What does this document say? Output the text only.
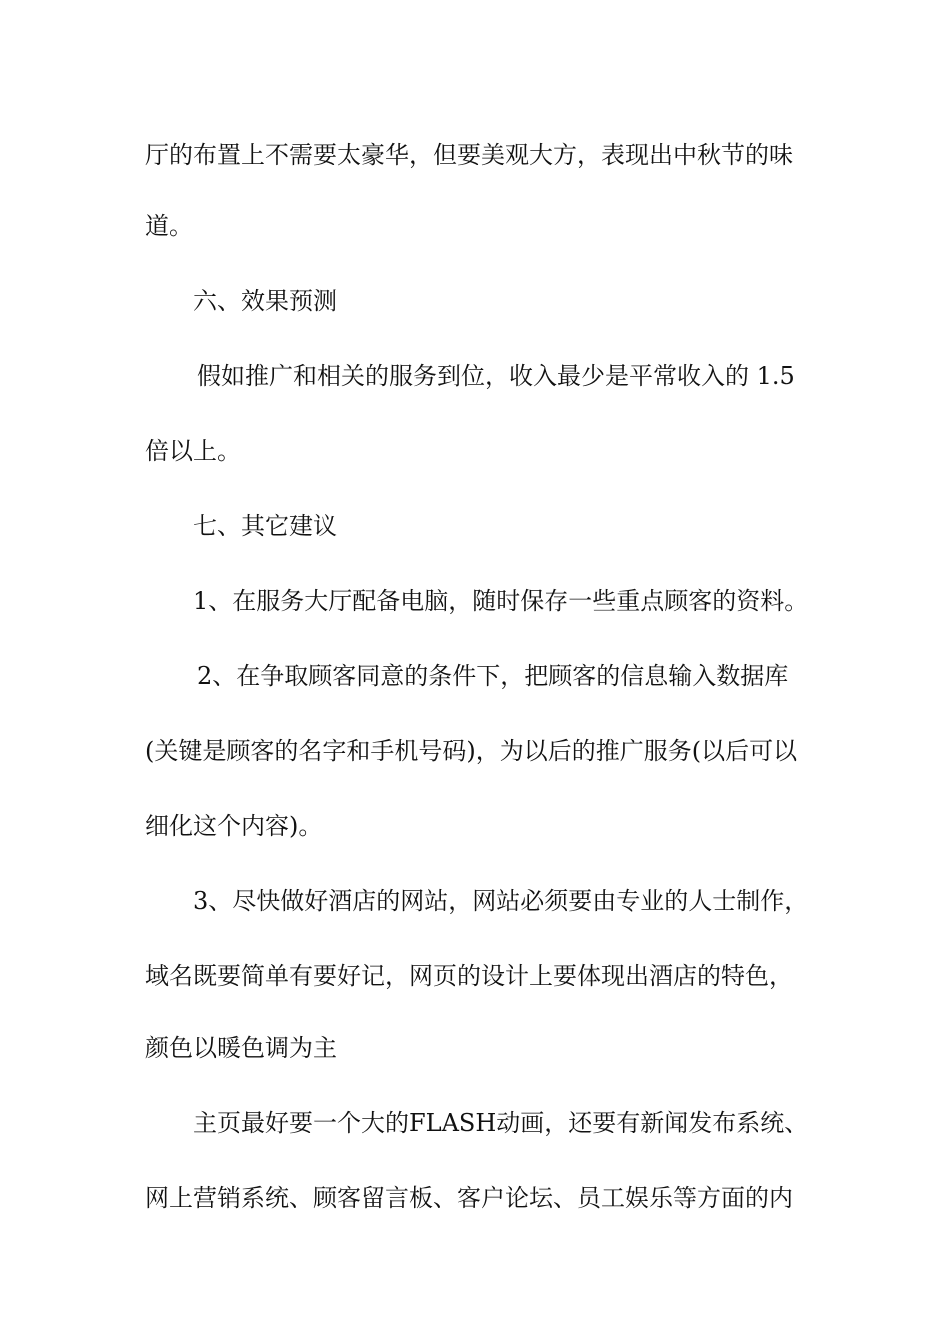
厅的布置上不需要太豪华，但要美观大方，表现出中秋节的味
道。
六、效果预测
假如推广和相关的服务到位，收入最少是平常收入的 1.5
倍以上。
七、其它建议
1、在服务大厅配备电脑，随时保存一些重点顾客的资料。
2、在争取顾客同意的条件下，把顾客的信息输入数据库
(关键是顾客的名字和手机号码)，为以后的推广服务(以后可以
细化这个内容)。
3、尽快做好酒店的网站，网站必须要由专业的人士制作，
域名既要简单有要好记，网页的设计上要体现出酒店的特色，
颜色以暖色调为主
主页最好要一个大的FLASH动画，还要有新闻发布系统、
网上营销系统、顾客留言板、客户论坛、员工娱乐等方面的内
